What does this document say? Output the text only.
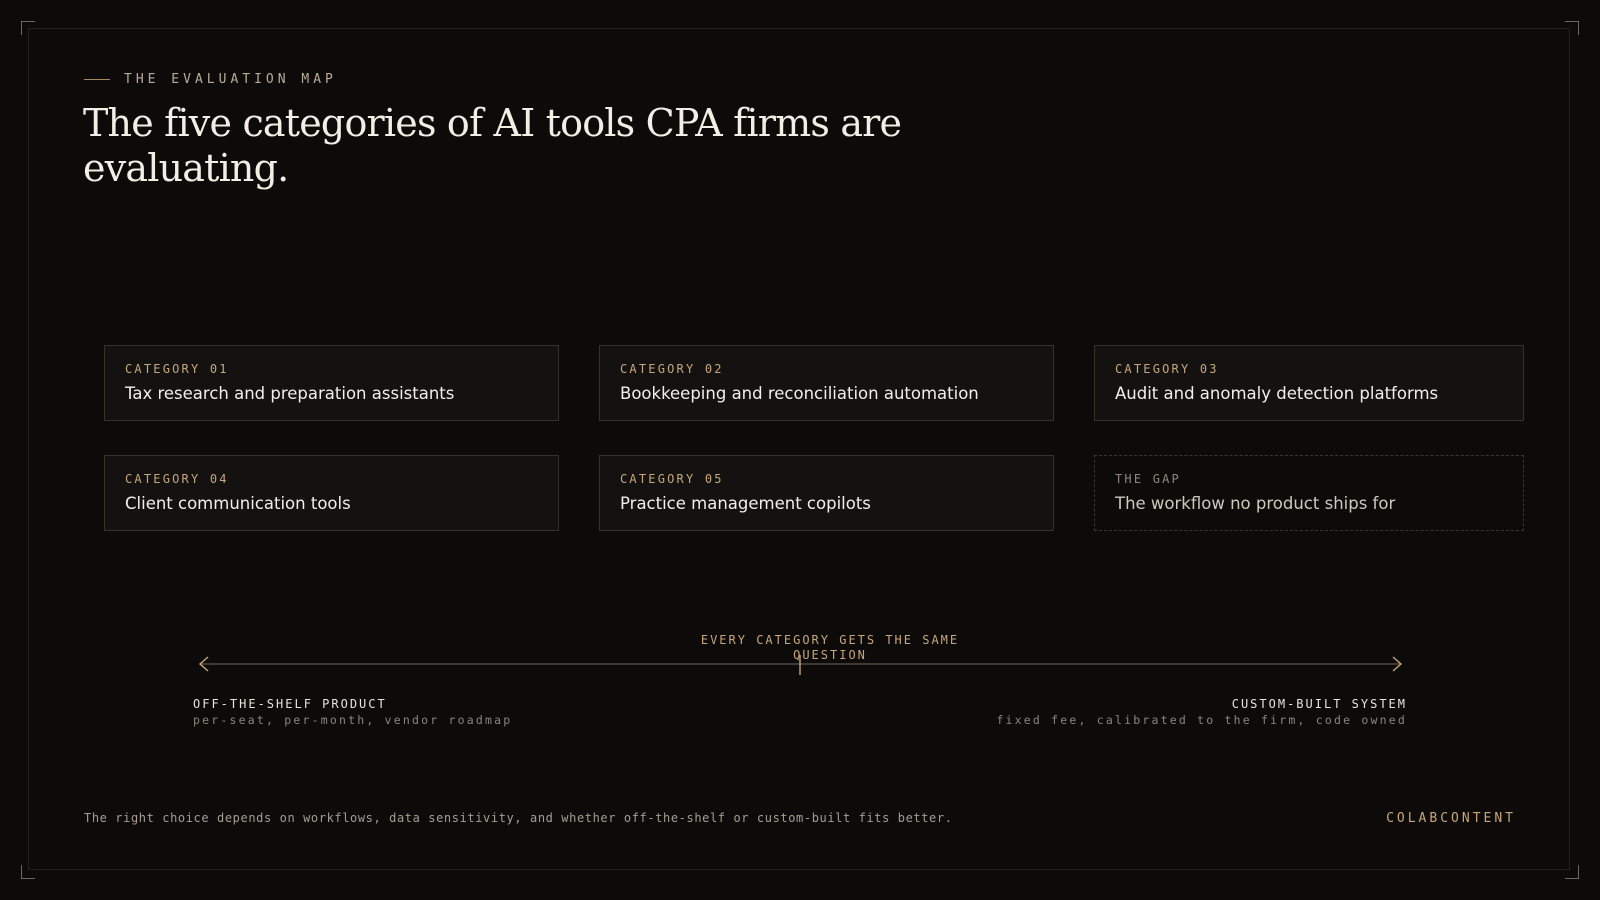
THE EVALUATION MAP
The five categories of AI tools CPA firms are evaluating.
CATEGORY 01
Tax research and preparation assistants
CATEGORY 02
Bookkeeping and reconciliation automation
CATEGORY 03
Audit and anomaly detection platforms
CATEGORY 04
Client communication tools
CATEGORY 05
Practice management copilots
THE GAP
The workflow no product ships for
EVERY CATEGORY GETS THE SAME QUESTION
OFF-THE-SHELF PRODUCT
per-seat, per-month, vendor roadmap
CUSTOM-BUILT SYSTEM
fixed fee, calibrated to the firm, code owned
The right choice depends on workflows, data sensitivity, and whether off-the-shelf or custom-built fits better.	COLABCONTENT
